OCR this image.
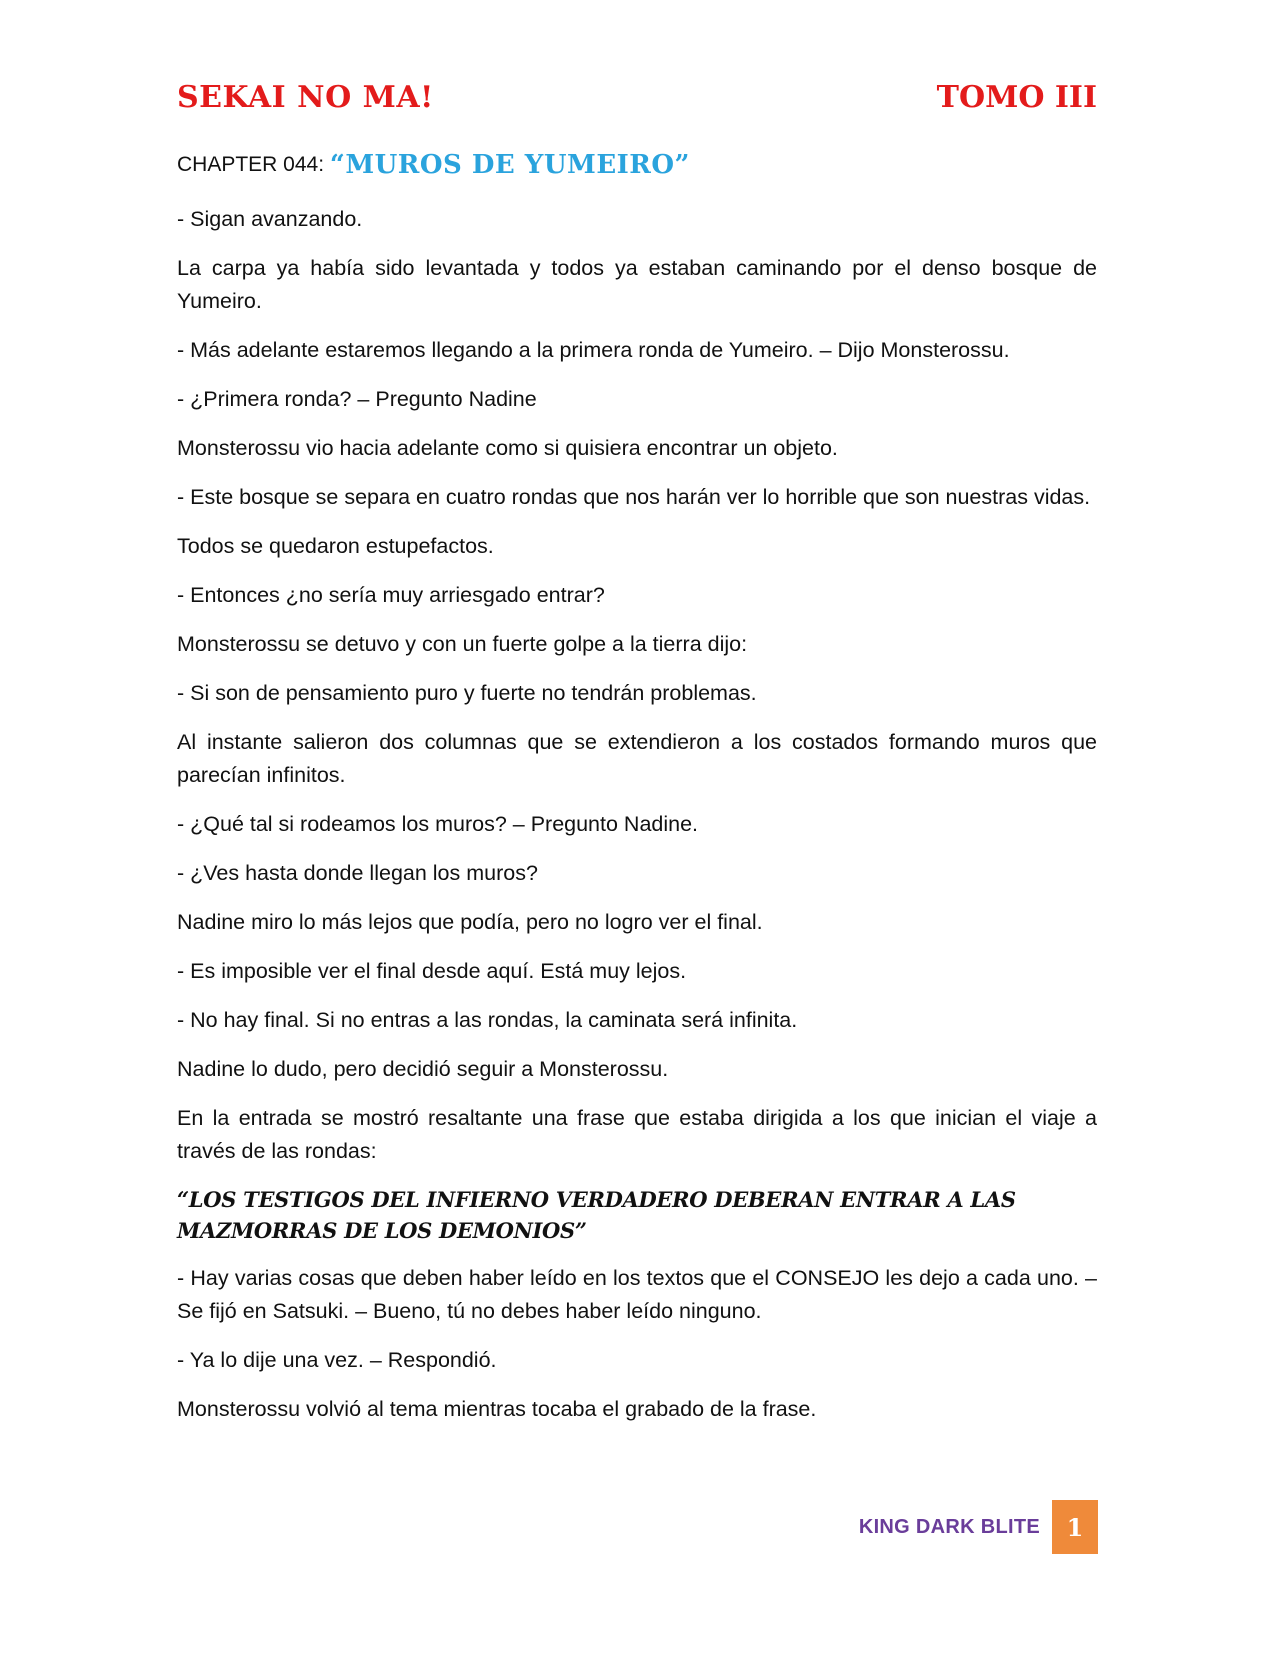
SEKAI NO MA!	TOMO III
CHAPTER 044: “MUROS DE YUMEIRO”

- Sigan avanzando.

La carpa ya había sido levantada y todos ya estaban caminando por el denso bosque de Yumeiro.

- Más adelante estaremos llegando a la primera ronda de Yumeiro. – Dijo Monsterossu.

- ¿Primera ronda? – Pregunto Nadine

Monsterossu vio hacia adelante como si quisiera encontrar un objeto.

- Este bosque se separa en cuatro rondas que nos harán ver lo horrible que son nuestras vidas.

Todos se quedaron estupefactos.

- Entonces ¿no sería muy arriesgado entrar?

Monsterossu se detuvo y con un fuerte golpe a la tierra dijo:

- Si son de pensamiento puro y fuerte no tendrán problemas.

Al instante salieron dos columnas que se extendieron a los costados formando muros que parecían infinitos.

- ¿Qué tal si rodeamos los muros? – Pregunto Nadine.

- ¿Ves hasta donde llegan los muros?

Nadine miro lo más lejos que podía, pero no logro ver el final.

- Es imposible ver el final desde aquí. Está muy lejos.

- No hay final. Si no entras a las rondas, la caminata será infinita.

Nadine lo dudo, pero decidió seguir a Monsterossu.

En la entrada se mostró resaltante una frase que estaba dirigida a los que inician el viaje a través de las rondas:

“LOS TESTIGOS DEL INFIERNO VERDADERO DEBERAN ENTRAR A LAS MAZMORRAS DE LOS DEMONIOS”

- Hay varias cosas que deben haber leído en los textos que el CONSEJO les dejo a cada uno. – Se fijó en Satsuki. – Bueno, tú no debes haber leído ninguno.

- Ya lo dije una vez. – Respondió.

Monsterossu volvió al tema mientras tocaba el grabado de la frase.

KING DARK BLITE	1
